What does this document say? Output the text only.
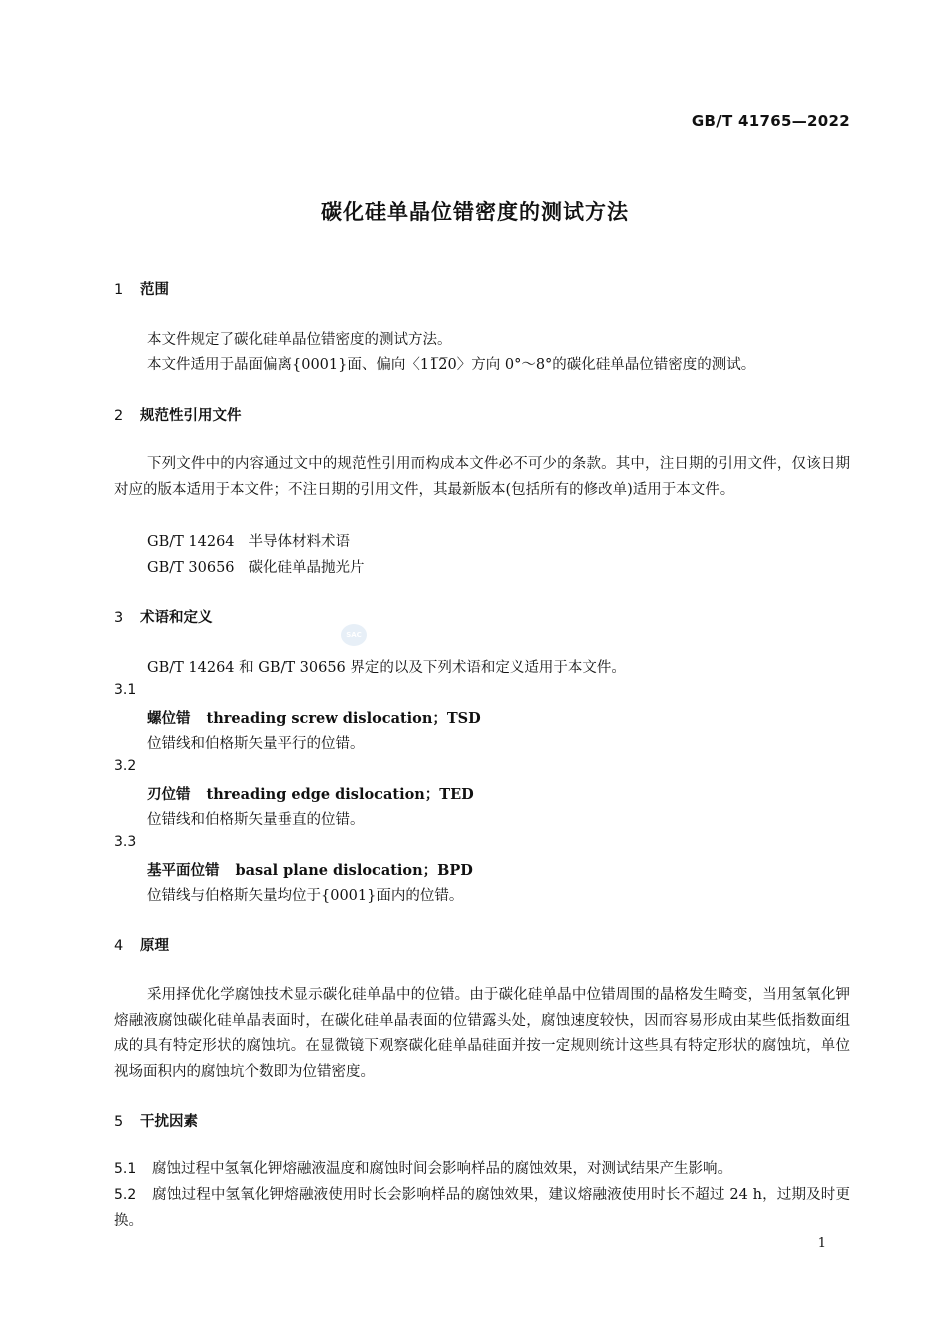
GB/T 41765—2022
碳化硅单晶位错密度的测试方法
1 范围
本文件规定了碳化硅单晶位错密度的测试方法。
本文件适用于晶面偏离{0001}面、偏向〈11̅2̅0〉方向 0°～8°的碳化硅单晶位错密度的测试。
2 规范性引用文件
下列文件中的内容通过文中的规范性引用而构成本文件必不可少的条款。其中，注日期的引用文件，仅该日期对应的版本适用于本文件；不注日期的引用文件，其最新版本(包括所有的修改单)适用于本文件。
GB/T 14264 半导体材料术语
GB/T 30656 碳化硅单晶抛光片
3 术语和定义
SAC
GB/T 14264 和 GB/T 30656 界定的以及下列术语和定义适用于本文件。
3.1
螺位错 threading screw dislocation；TSD
位错线和伯格斯矢量平行的位错。
3.2
刃位错 threading edge dislocation；TED
位错线和伯格斯矢量垂直的位错。
3.3
基平面位错 basal plane dislocation；BPD
位错线与伯格斯矢量均位于{0001}面内的位错。
4 原理
采用择优化学腐蚀技术显示碳化硅单晶中的位错。由于碳化硅单晶中位错周围的晶格发生畸变，当用氢氧化钾熔融液腐蚀碳化硅单晶表面时，在碳化硅单晶表面的位错露头处，腐蚀速度较快，因而容易形成由某些低指数面组成的具有特定形状的腐蚀坑。在显微镜下观察碳化硅单晶硅面并按一定规则统计这些具有特定形状的腐蚀坑，单位视场面积内的腐蚀坑个数即为位错密度。
5 干扰因素
5.1 腐蚀过程中氢氧化钾熔融液温度和腐蚀时间会影响样品的腐蚀效果，对测试结果产生影响。
5.2 腐蚀过程中氢氧化钾熔融液使用时长会影响样品的腐蚀效果，建议熔融液使用时长不超过 24 h，过期及时更换。
1
